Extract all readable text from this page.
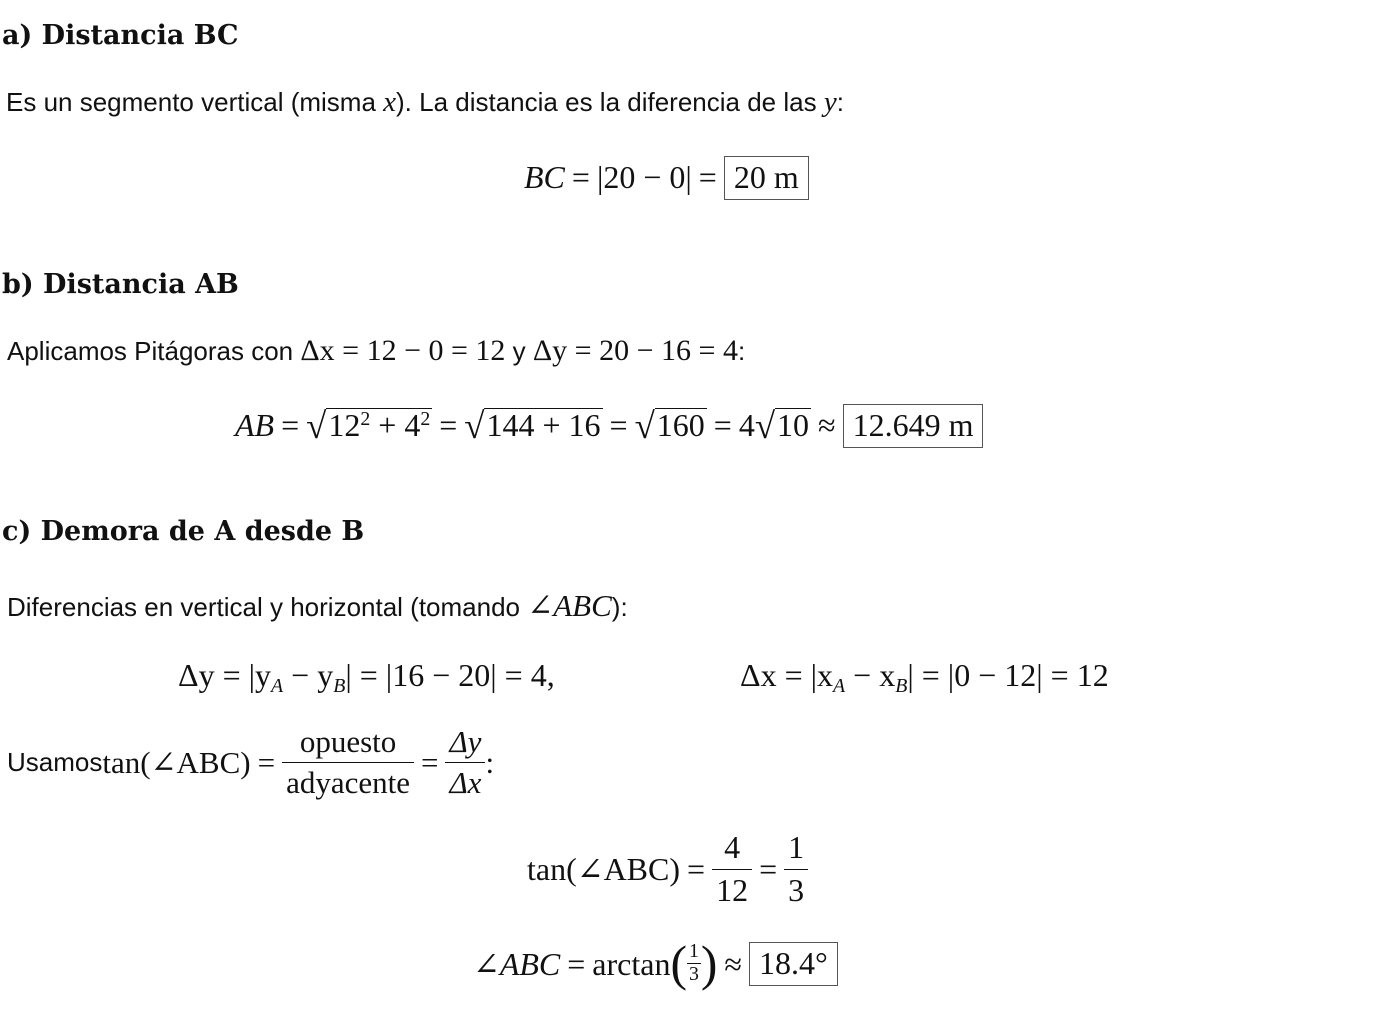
a) Distancia BC
Es un segmento vertical (misma x). La distancia es la diferencia de las y:
BC = |20 − 0| = 20 m
b) Distancia AB
Aplicamos Pitágoras con Δx = 12 − 0 = 12 y Δy = 20 − 16 = 4:
AB = $√12^2 + 4^2 = √144 + 16 = √160 = 4√10 \approx 12.649$ m
c) Demora de A desde B
Diferencias en vertical y horizontal (tomando ∠ABC):
$\Delta y = |y_A - y_B| = |16 - 20| = 4$,	$\Delta x = |x_A - x_B| = |0 - 12| = 12$
Usamos tan(∠ABC) = $\frac{\text{opuesto}}{\text{adyacente}} = \frac{\Delta y}{\Delta x}$ :
tan(∠ABC) = $\frac{4}{12} = \frac{1}{3}$
∠ABC = arctan ( $\frac{1}{3}$ ) ≈ 18.4°
